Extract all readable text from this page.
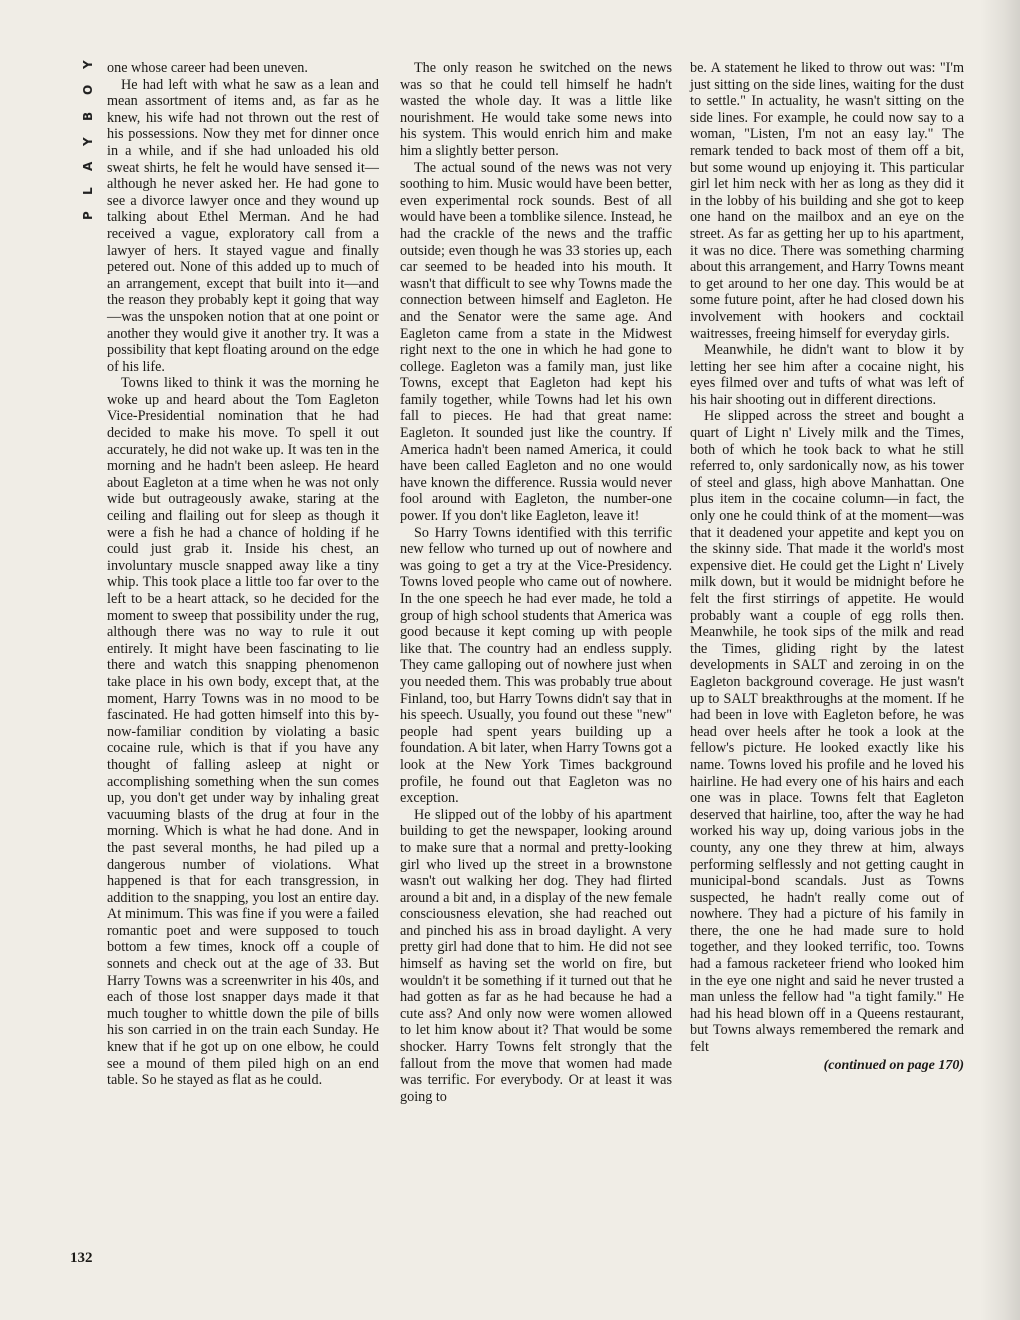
P
L
A
Y
B
O
Y
132

one whose career had been uneven.

He had left with what he saw as a lean and mean assortment of items and, as far as he knew, his wife had not thrown out the rest of his possessions. Now they met for dinner once in a while, and if she had unloaded his old sweat shirts, he felt he would have sensed it—although he never asked her. He had gone to see a divorce lawyer once and they wound up talking about Ethel Merman. And he had received a vague, exploratory call from a lawyer of hers. It stayed vague and finally petered out. None of this added up to much of an arrangement, except that built into it—and the reason they probably kept it going that way—was the unspoken notion that at one point or another they would give it another try. It was a possibility that kept floating around on the edge of his life.

Towns liked to think it was the morning he woke up and heard about the Tom Eagleton Vice-Presidential nomination that he had decided to make his move. To spell it out accurately, he did not wake up. It was ten in the morning and he hadn't been asleep. He heard about Eagleton at a time when he was not only wide but outrageously awake, staring at the ceiling and flailing out for sleep as though it were a fish he had a chance of holding if he could just grab it. Inside his chest, an involuntary muscle snapped away like a tiny whip. This took place a little too far over to the left to be a heart attack, so he decided for the moment to sweep that possibility under the rug, although there was no way to rule it out entirely. It might have been fascinating to lie there and watch this snapping phenomenon take place in his own body, except that, at the moment, Harry Towns was in no mood to be fascinated. He had gotten himself into this by-now-familiar condition by violating a basic cocaine rule, which is that if you have any thought of falling asleep at night or accomplishing something when the sun comes up, you don't get under way by inhaling great vacuuming blasts of the drug at four in the morning. Which is what he had done. And in the past several months, he had piled up a dangerous number of violations. What happened is that for each transgression, in addition to the snapping, you lost an entire day. At minimum. This was fine if you were a failed romantic poet and were supposed to touch bottom a few times, knock off a couple of sonnets and check out at the age of 33. But Harry Towns was a screenwriter in his 40s, and each of those lost snapper days made it that much tougher to whittle down the pile of bills his son carried in on the train each Sunday. He knew that if he got up on one elbow, he could see a mound of them piled high on an end table. So he stayed as flat as he could.

The only reason he switched on the news was so that he could tell himself he hadn't wasted the whole day. It was a little like nourishment. He would take some news into his system. This would enrich him and make him a slightly better person.

The actual sound of the news was not very soothing to him. Music would have been better, even experimental rock sounds. Best of all would have been a tomblike silence. Instead, he had the crackle of the news and the traffic outside; even though he was 33 stories up, each car seemed to be headed into his mouth. It wasn't that difficult to see why Towns made the connection between himself and Eagleton. He and the Senator were the same age. And Eagleton came from a state in the Midwest right next to the one in which he had gone to college. Eagleton was a family man, just like Towns, except that Eagleton had kept his family together, while Towns had let his own fall to pieces. He had that great name: Eagleton. It sounded just like the country. If America hadn't been named America, it could have been called Eagleton and no one would have known the difference. Russia would never fool around with Eagleton, the number-one power. If you don't like Eagleton, leave it!

So Harry Towns identified with this terrific new fellow who turned up out of nowhere and was going to get a try at the Vice-Presidency. Towns loved people who came out of nowhere. In the one speech he had ever made, he told a group of high school students that America was good because it kept coming up with people like that. The country had an endless supply. They came galloping out of nowhere just when you needed them. This was probably true about Finland, too, but Harry Towns didn't say that in his speech. Usually, you found out these "new" people had spent years building up a foundation. A bit later, when Harry Towns got a look at the New York Times background profile, he found out that Eagleton was no exception.

He slipped out of the lobby of his apartment building to get the newspaper, looking around to make sure that a normal and pretty-looking girl who lived up the street in a brownstone wasn't out walking her dog. They had flirted around a bit and, in a display of the new female consciousness elevation, she had reached out and pinched his ass in broad daylight. A very pretty girl had done that to him. He did not see himself as having set the world on fire, but wouldn't it be something if it turned out that he had gotten as far as he had because he had a cute ass? And only now were women allowed to let him know about it? That would be some shocker. Harry Towns felt strongly that the fallout from the move that women had made was terrific. For everybody. Or at least it was going to

be. A statement he liked to throw out was: "I'm just sitting on the side lines, waiting for the dust to settle." In actuality, he wasn't sitting on the side lines. For example, he could now say to a woman, "Listen, I'm not an easy lay." The remark tended to back most of them off a bit, but some wound up enjoying it. This particular girl let him neck with her as long as they did it in the lobby of his building and she got to keep one hand on the mailbox and an eye on the street. As far as getting her up to his apartment, it was no dice. There was something charming about this arrangement, and Harry Towns meant to get around to her one day. This would be at some future point, after he had closed down his involvement with hookers and cocktail waitresses, freeing himself for everyday girls.

Meanwhile, he didn't want to blow it by letting her see him after a cocaine night, his eyes filmed over and tufts of what was left of his hair shooting out in different directions.

He slipped across the street and bought a quart of Light n' Lively milk and the Times, both of which he took back to what he still referred to, only sardonically now, as his tower of steel and glass, high above Manhattan. One plus item in the cocaine column—in fact, the only one he could think of at the moment—was that it deadened your appetite and kept you on the skinny side. That made it the world's most expensive diet. He could get the Light n' Lively milk down, but it would be midnight before he felt the first stirrings of appetite. He would probably want a couple of egg rolls then. Meanwhile, he took sips of the milk and read the Times, gliding right by the latest developments in SALT and zeroing in on the Eagleton background coverage. He just wasn't up to SALT breakthroughs at the moment. If he had been in love with Eagleton before, he was head over heels after he took a look at the fellow's picture. He looked exactly like his name. Towns loved his profile and he loved his hairline. He had every one of his hairs and each one was in place. Towns felt that Eagleton deserved that hairline, too, after the way he had worked his way up, doing various jobs in the county, any one they threw at him, always performing selflessly and not getting caught in municipal-bond scandals. Just as Towns suspected, he hadn't really come out of nowhere. They had a picture of his family in there, the one he had made sure to hold together, and they looked terrific, too. Towns had a famous racketeer friend who looked him in the eye one night and said he never trusted a man unless the fellow had "a tight family." He had his head blown off in a Queens restaurant, but Towns always remembered the remark and felt

(continued on page 170)
